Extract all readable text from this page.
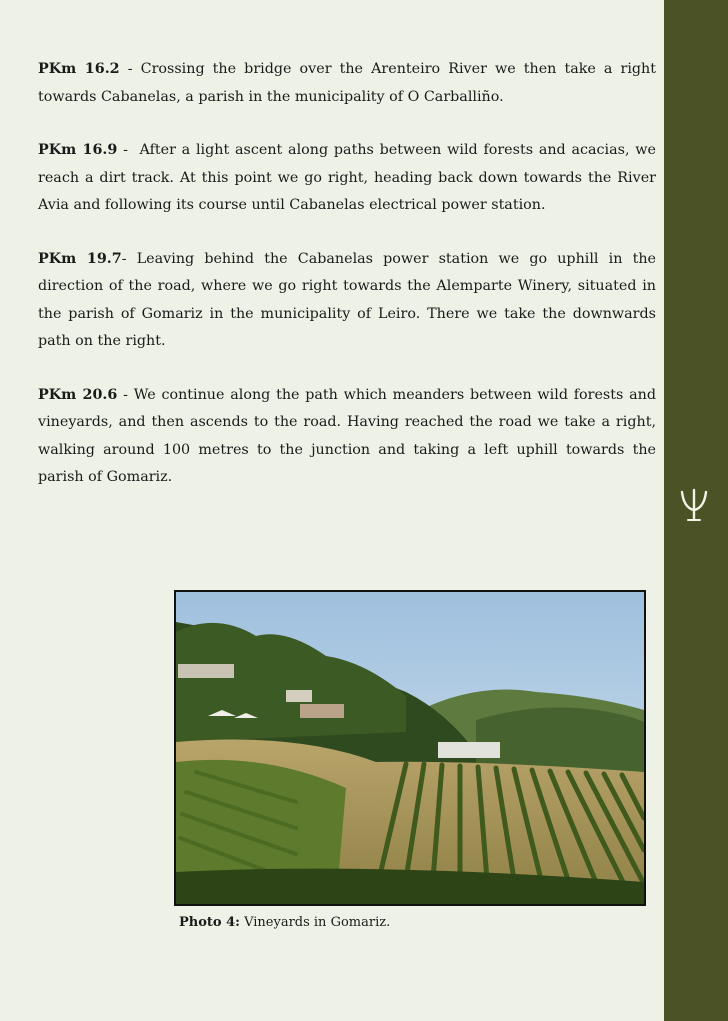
PKm 16.2 - Crossing the bridge over the Arenteiro River we then take a right towards Cabanelas, a parish in the municipality of O Carballiño.

PKm 16.9 -  After a light ascent along paths between wild forests and acacias, we reach a dirt track. At this point we go right, heading back down towards the River Avia and following its course until Cabanelas electrical power station.

PKm 19.7- Leaving behind the Cabanelas power station we go uphill in the direction of the road, where we go right towards the Alemparte Winery, situated in the parish of Gomariz in the municipality of Leiro. There we take the downwards path on the right.

PKm 20.6 - We continue along the path which meanders between wild forests and vineyards, and then ascends to the road. Having reached the road we take a right, walking around 100 metres to the junction and taking a left uphill towards the parish of Gomariz.

Photo 4: Vineyards in Gomariz.
